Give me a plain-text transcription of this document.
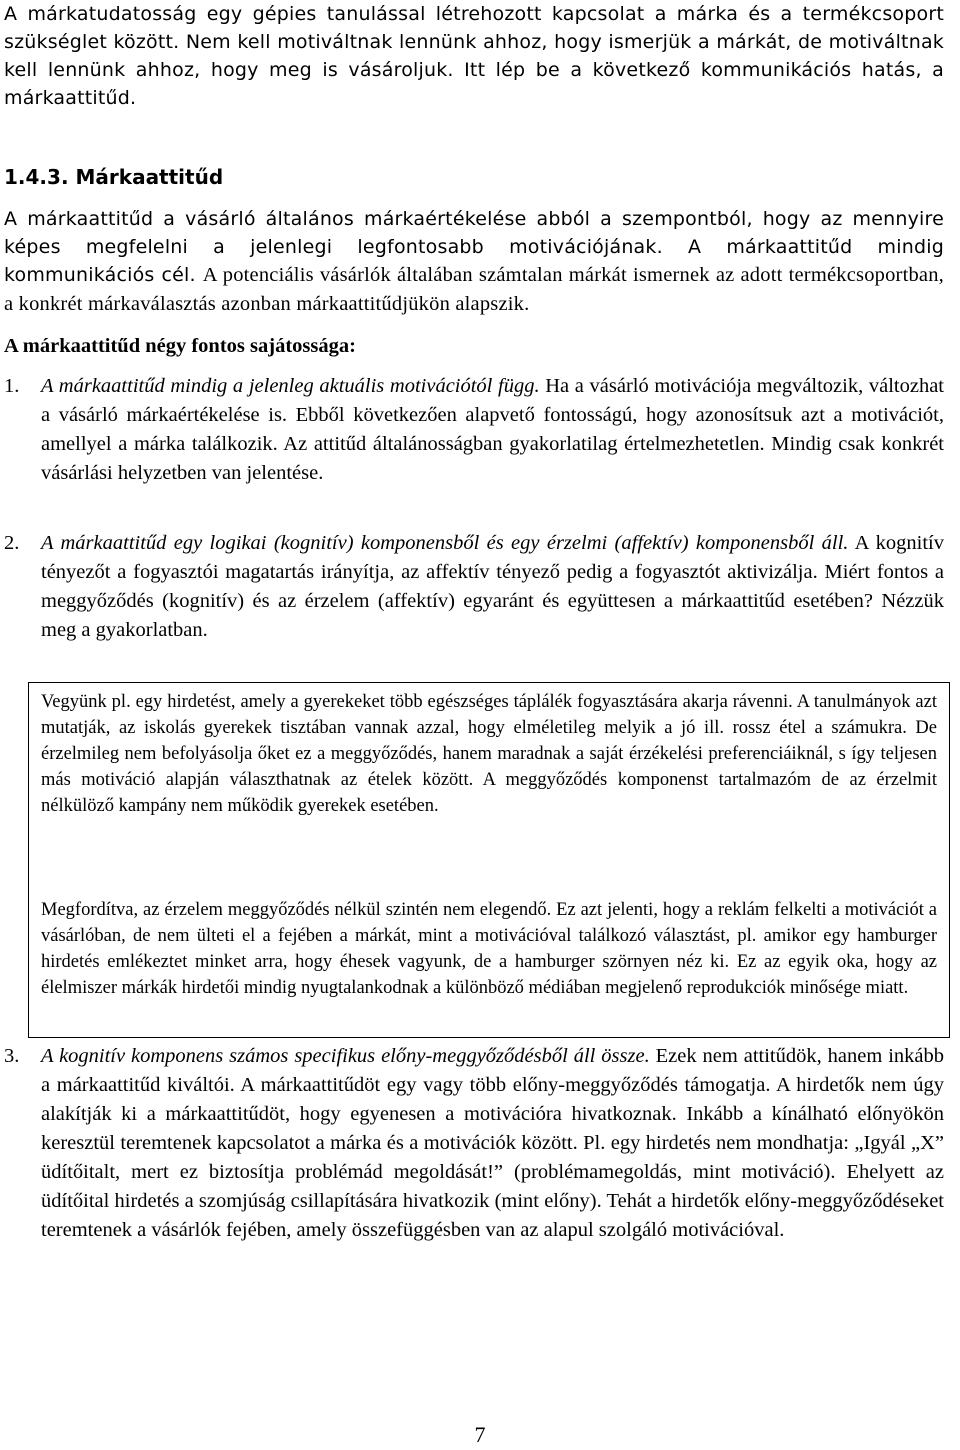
A márkatudatosság egy gépies tanulással létrehozott kapcsolat a márka és a termékcsoport szükséglet között. Nem kell motiváltnak lennünk ahhoz, hogy ismerjük a márkát, de motiváltnak kell lennünk ahhoz, hogy meg is vásároljuk. Itt lép be a következő kommunikációs hatás, a márkaattitűd.

1.4.3. Márkaattitűd

A márkaattitűd a vásárló általános márkaértékelése abból a szempontból, hogy az mennyire képes megfelelni a jelenlegi legfontosabb motivációjának. A márkaattitűd mindig kommunikációs cél. A potenciális vásárlók általában számtalan márkát ismernek az adott termékcsoportban, a konkrét márkaválasztás azonban márkaattitűdjükön alapszik.

A márkaattitűd négy fontos sajátossága:
1.	A márkaattitűd mindig a jelenleg aktuális motivációtól függ. Ha a vásárló motivációja megváltozik, változhat a vásárló márkaértékelése is. Ebből következően alapvető fontosságú, hogy azonosítsuk azt a motivációt, amellyel a márka találkozik. Az attitűd általánosságban gyakorlatilag értelmezhetetlen. Mindig csak konkrét vásárlási helyzetben van jelentése.
2.	A márkaattitűd egy logikai (kognitív) komponensből és egy érzelmi (affektív) komponensből áll. A kognitív tényezőt a fogyasztói magatartás irányítja, az affektív tényező pedig a fogyasztót aktivizálja. Miért fontos a meggyőződés (kognitív) és az érzelem (affektív) egyaránt és együttesen a márkaattitűd esetében? Nézzük meg a gyakorlatban.

Vegyünk pl. egy hirdetést, amely a gyerekeket több egészséges táplálék fogyasztására akarja rávenni. A tanulmányok azt mutatják, az iskolás gyerekek tisztában vannak azzal, hogy elméletileg melyik a jó ill. rossz étel a számukra. De érzelmileg nem befolyásolja őket ez a meggyőződés, hanem maradnak a saját érzékelési preferenciáiknál, s így teljesen más motiváció alapján választhatnak az ételek között. A meggyőződés komponenst tartalmazóm de az érzelmit nélkülöző kampány nem működik gyerekek esetében.

Megfordítva, az érzelem meggyőződés nélkül szintén nem elegendő. Ez azt jelenti, hogy a reklám felkelti a motivációt a vásárlóban, de nem ülteti el a fejében a márkát, mint a motivációval találkozó választást, pl. amikor egy hamburger hirdetés emlékeztet minket arra, hogy éhesek vagyunk, de a hamburger szörnyen néz ki. Ez az egyik oka, hogy az élelmiszer márkák hirdetői mindig nyugtalankodnak a különböző médiában megjelenő reprodukciók minősége miatt.

3.	A kognitív komponens számos specifikus előny-meggyőződésből áll össze. Ezek nem attitűdök, hanem inkább a márkaattitűd kiváltói. A márkaattitűdöt egy vagy több előny-meggyőződés támogatja. A hirdetők nem úgy alakítják ki a márkaattitűdöt, hogy egyenesen a motivációra hivatkoznak. Inkább a kínálható előnyökön keresztül teremtenek kapcsolatot a márka és a motivációk között. Pl. egy hirdetés nem mondhatja: „Igyál „X” üdítőitalt, mert ez biztosítja problémád megoldását!” (problémamegoldás, mint motiváció). Ehelyett az üdítőital hirdetés a szomjúság csillapítására hivatkozik (mint előny). Tehát a hirdetők előny-meggyőződéseket teremtenek a vásárlók fejében, amely összefüggésben van az alapul szolgáló motivációval.
7
